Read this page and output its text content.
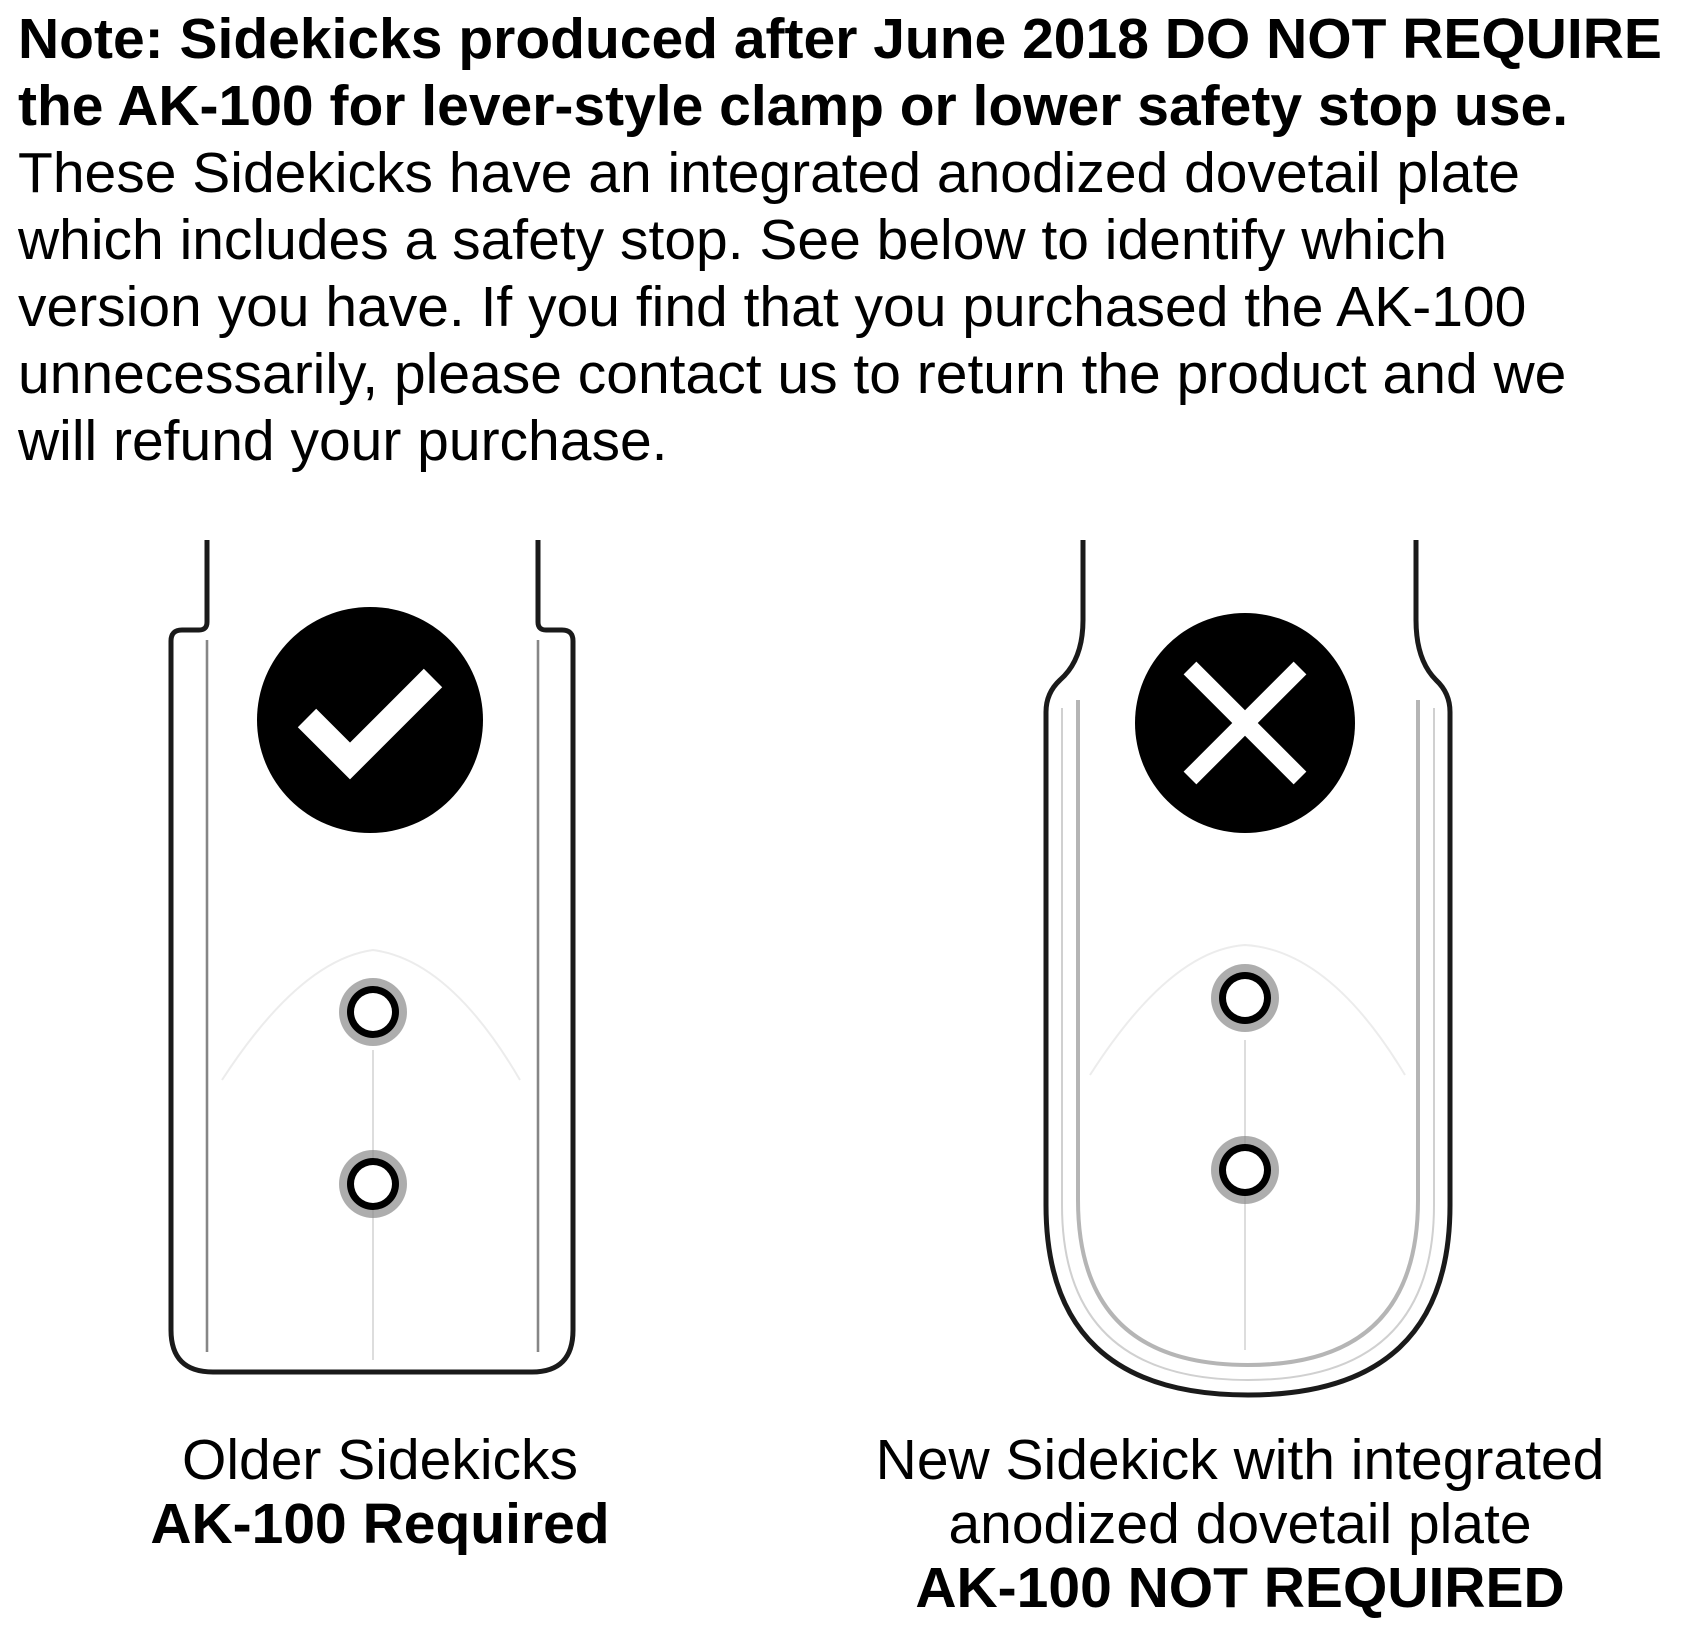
Note: Sidekicks produced after June 2018 DO NOT REQUIRE
the AK-100 for lever-style clamp or lower safety stop use.
These Sidekicks have an integrated anodized dovetail plate
which includes a safety stop. See below to identify which
version you have. If you find that you purchased the AK-100
unnecessarily, please contact us to return the product and we
will refund your purchase.
Older Sidekicks
AK-100 Required
New Sidekick with integrated
anodized dovetail plate
AK-100 NOT REQUIRED
